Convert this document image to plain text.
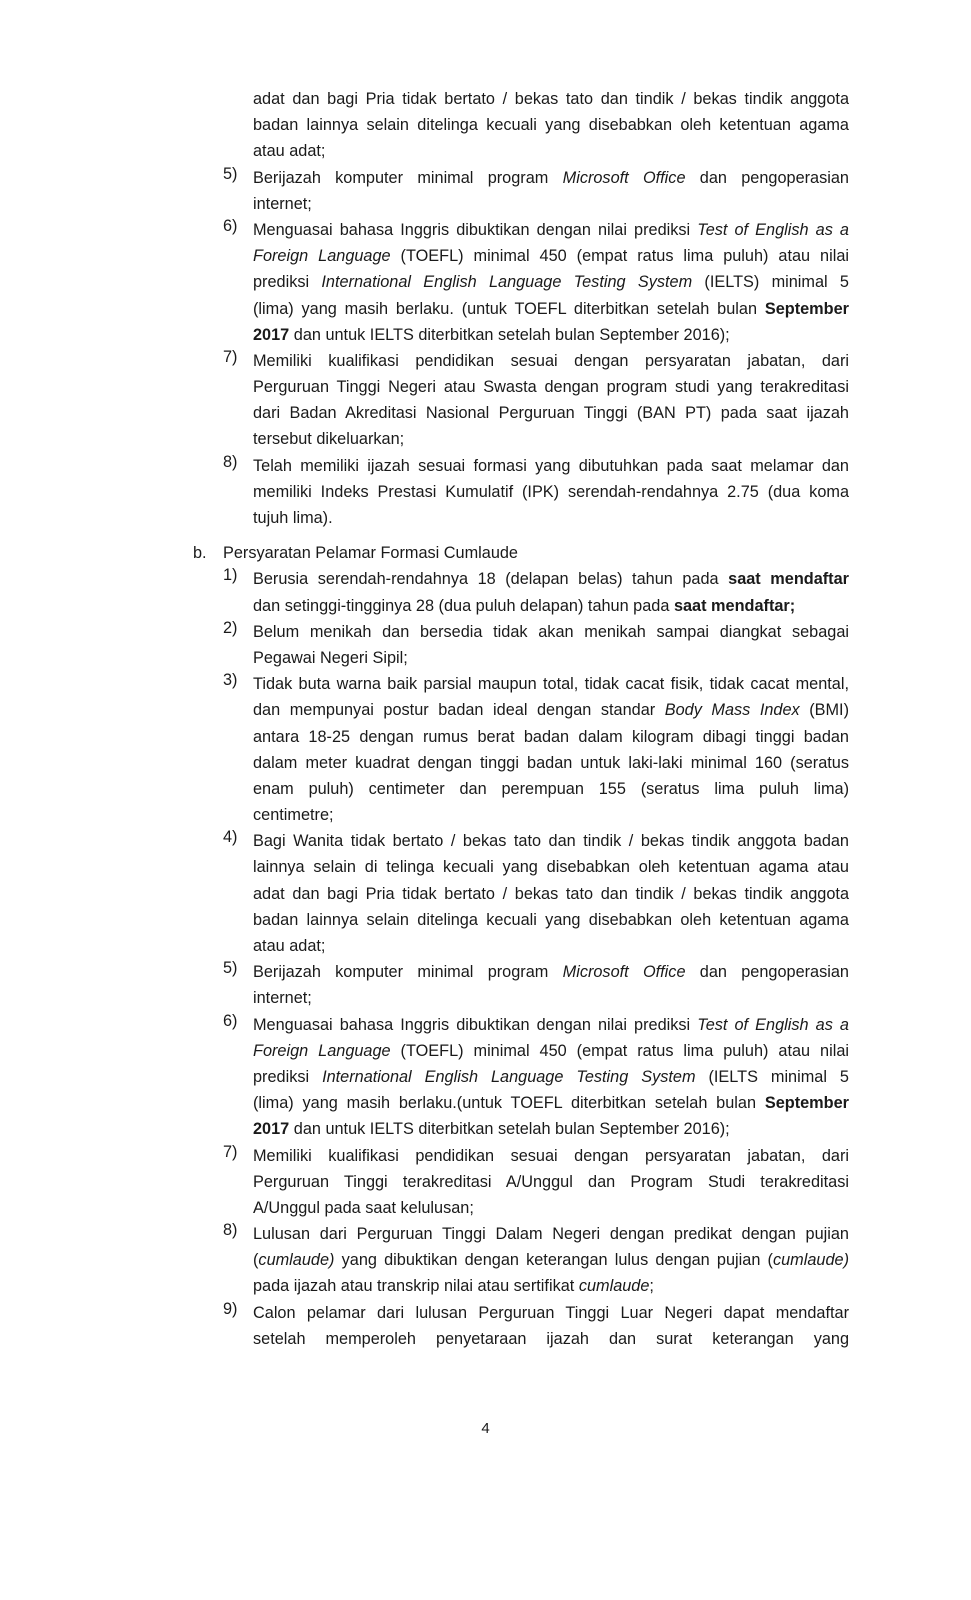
adat dan bagi Pria tidak bertato / bekas tato dan tindik / bekas tindik anggota
badan lainnya selain ditelinga kecuali yang disebabkan oleh ketentuan agama
atau adat;
5) Berijazah komputer minimal program Microsoft Office dan pengoperasian
internet;
6) Menguasai bahasa Inggris dibuktikan dengan nilai prediksi Test of English as a
Foreign Language (TOEFL) minimal 450 (empat ratus lima puluh) atau nilai
prediksi International English Language Testing System (IELTS) minimal 5
(lima) yang masih berlaku. (untuk TOEFL diterbitkan setelah bulan September
2017 dan untuk IELTS diterbitkan setelah bulan September 2016);
7) Memiliki kualifikasi pendidikan sesuai dengan persyaratan jabatan, dari
Perguruan Tinggi Negeri atau Swasta dengan program studi yang terakreditasi
dari Badan Akreditasi Nasional Perguruan Tinggi (BAN PT) pada saat ijazah
tersebut dikeluarkan;
8) Telah memiliki ijazah sesuai formasi yang dibutuhkan pada saat melamar dan
memiliki Indeks Prestasi Kumulatif (IPK) serendah-rendahnya 2.75 (dua koma
tujuh lima).
b. Persyaratan Pelamar Formasi Cumlaude
1) Berusia serendah-rendahnya 18 (delapan belas) tahun pada saat mendaftar
dan setinggi-tingginya 28 (dua puluh delapan) tahun pada saat mendaftar;
2) Belum menikah dan bersedia tidak akan menikah sampai diangkat sebagai
Pegawai Negeri Sipil;
3) Tidak buta warna baik parsial maupun total, tidak cacat fisik, tidak cacat mental,
dan mempunyai postur badan ideal dengan standar Body Mass Index (BMI)
antara 18-25 dengan rumus berat badan dalam kilogram dibagi tinggi badan
dalam meter kuadrat dengan tinggi badan untuk laki-laki minimal 160 (seratus
enam puluh) centimeter dan perempuan 155 (seratus lima puluh lima)
centimetre;
4) Bagi Wanita tidak bertato / bekas tato dan tindik / bekas tindik anggota badan
lainnya selain di telinga kecuali yang disebabkan oleh ketentuan agama atau
adat dan bagi Pria tidak bertato / bekas tato dan tindik / bekas tindik anggota
badan lainnya selain ditelinga kecuali yang disebabkan oleh ketentuan agama
atau adat;
5) Berijazah komputer minimal program Microsoft Office dan pengoperasian
internet;
6) Menguasai bahasa Inggris dibuktikan dengan nilai prediksi Test of English as a
Foreign Language (TOEFL) minimal 450 (empat ratus lima puluh) atau nilai
prediksi International English Language Testing System (IELTS minimal 5
(lima) yang masih berlaku.(untuk TOEFL diterbitkan setelah bulan September
2017 dan untuk IELTS diterbitkan setelah bulan September 2016);
7) Memiliki kualifikasi pendidikan sesuai dengan persyaratan jabatan, dari
Perguruan Tinggi terakreditasi A/Unggul dan Program Studi terakreditasi
A/Unggul pada saat kelulusan;
8) Lulusan dari Perguruan Tinggi Dalam Negeri dengan predikat dengan pujian
(cumlaude) yang dibuktikan dengan keterangan lulus dengan pujian (cumlaude)
pada ijazah atau transkrip nilai atau sertifikat cumlaude;
9) Calon pelamar dari lulusan Perguruan Tinggi Luar Negeri dapat mendaftar
setelah memperoleh penyetaraan ijazah dan surat keterangan yang
4
